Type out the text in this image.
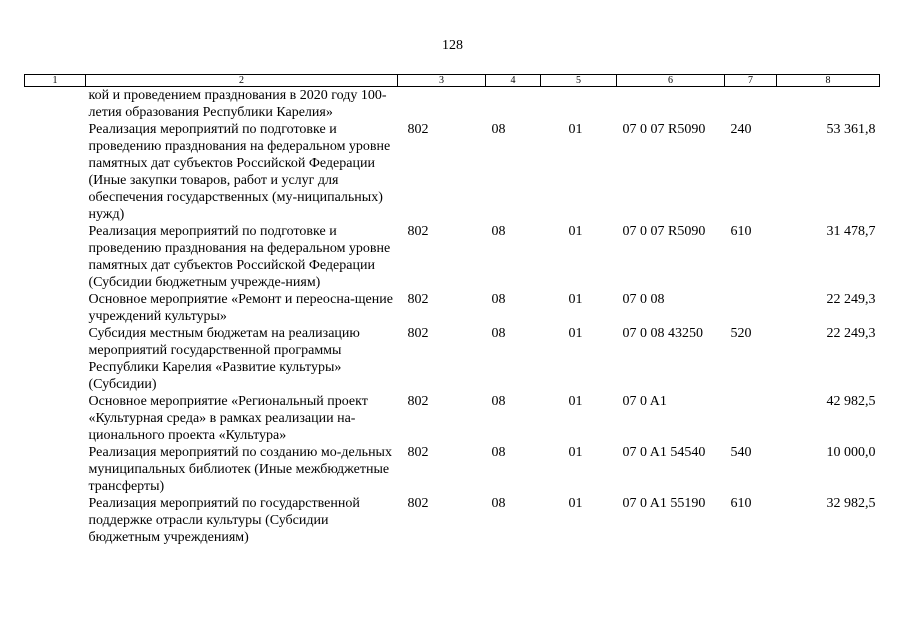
128
1	2	3	4	5	6	7	8
	кой и проведением празднования в 2020 году 100-летия образования Республики Карелия»						
	Реализация мероприятий по подготовке и проведению празднования на федеральном уровне памятных дат субъектов Российской Федерации (Иные закупки товаров, работ и услуг для обеспечения государственных (му-ниципальных) нужд)	802	08	01	07 0 07 R5090	240	53 361,8
	Реализация мероприятий по подготовке и проведению празднования на федеральном уровне памятных дат субъектов Российской Федерации (Субсидии бюджетным учрежде-ниям)	802	08	01	07 0 07 R5090	610	31 478,7
	Основное мероприятие «Ремонт и переосна-щение учреждений культуры»	802	08	01	07 0 08		22 249,3
	Субсидия местным бюджетам на реализацию мероприятий государственной программы Республики Карелия «Развитие культуры» (Субсидии)	802	08	01	07 0 08 43250	520	22 249,3
	Основное мероприятие «Региональный проект «Культурная среда» в рамках реализации на-ционального проекта «Культура»	802	08	01	07 0 A1		42 982,5
	Реализация мероприятий по созданию мо-дельных муниципальных библиотек (Иные межбюджетные трансферты)	802	08	01	07 0 A1 54540	540	10 000,0
	Реализация мероприятий по государственной поддержке отрасли культуры (Субсидии бюджетным учреждениям)	802	08	01	07 0 A1 55190	610	32 982,5
